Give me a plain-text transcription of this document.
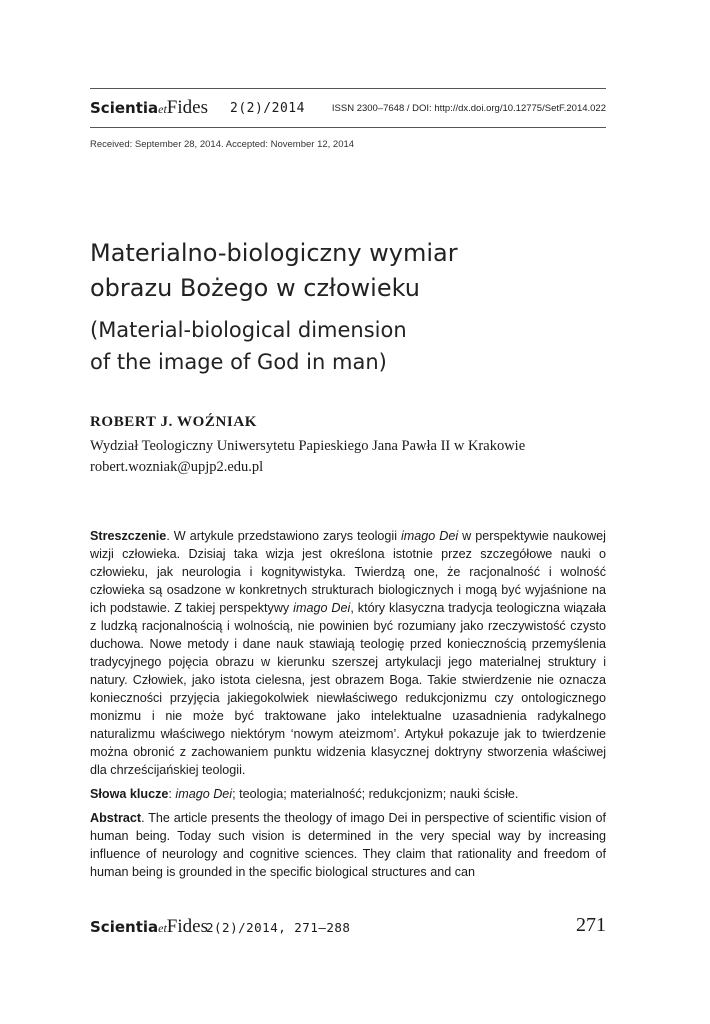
ScientiaetFides 2(2)/2014	ISSN 2300–7648 / DOI: http://dx.doi.org/10.12775/SetF.2014.022
Received: September 28, 2014. Accepted: November 12, 2014
Materialno-biologiczny wymiar
obrazu Bożego w człowieku
(Material-biological dimension
of the image of God in man)
ROBERT J. WOŹNIAK
Wydział Teologiczny Uniwersytetu Papieskiego Jana Pawła II w Krakowie
robert.wozniak@upjp2.edu.pl

Streszczenie. W artykule przedstawiono zarys teologii imago Dei w perspektywie naukowej wizji człowieka. Dzisiaj taka wizja jest określona istotnie przez szczegółowe nauki o człowieku, jak neurologia i kognitywistyka. Twierdzą one, że racjonalność i wolność człowieka są osadzone w konkretnych strukturach biologicznych i mogą być wyjaśnione na ich podstawie. Z takiej perspektywy imago Dei, który klasyczna tradycja teologiczna wiązała z ludzką racjonalnością i wolnością, nie powinien być rozumiany jako rzeczywistość czysto duchowa. Nowe metody i dane nauk stawiają teologię przed koniecznością przemyślenia tradycyjnego pojęcia obrazu w kierunku szerszej artykulacji jego materialnej struktury i natury. Człowiek, jako istota cielesna, jest obrazem Boga. Takie stwierdzenie nie oznacza konieczności przyjęcia jakiegokolwiek niewłaściwego redukcjonizmu czy ontologicznego monizmu i nie może być traktowane jako intelektualne uzasadnienia radykalnego naturalizmu właściwego niektórym ‘nowym ateizmom’. Artykuł pokazuje jak to twierdzenie można obronić z zachowaniem punktu widzenia klasycznej doktryny stworzenia właściwej dla chrześcijańskiej teologii.

Słowa klucze: imago Dei; teologia; materialność; redukcjonizm; nauki ścisłe.

Abstract. The article presents the theology of imago Dei in perspective of scientific vision of human being. Today such vision is determined in the very special way by increasing influence of neurology and cognitive sciences. They claim that rationality and freedom of human being is grounded in the specific biological structures and can

ScientiaetFides
2(2)/2014, 271–288	271
